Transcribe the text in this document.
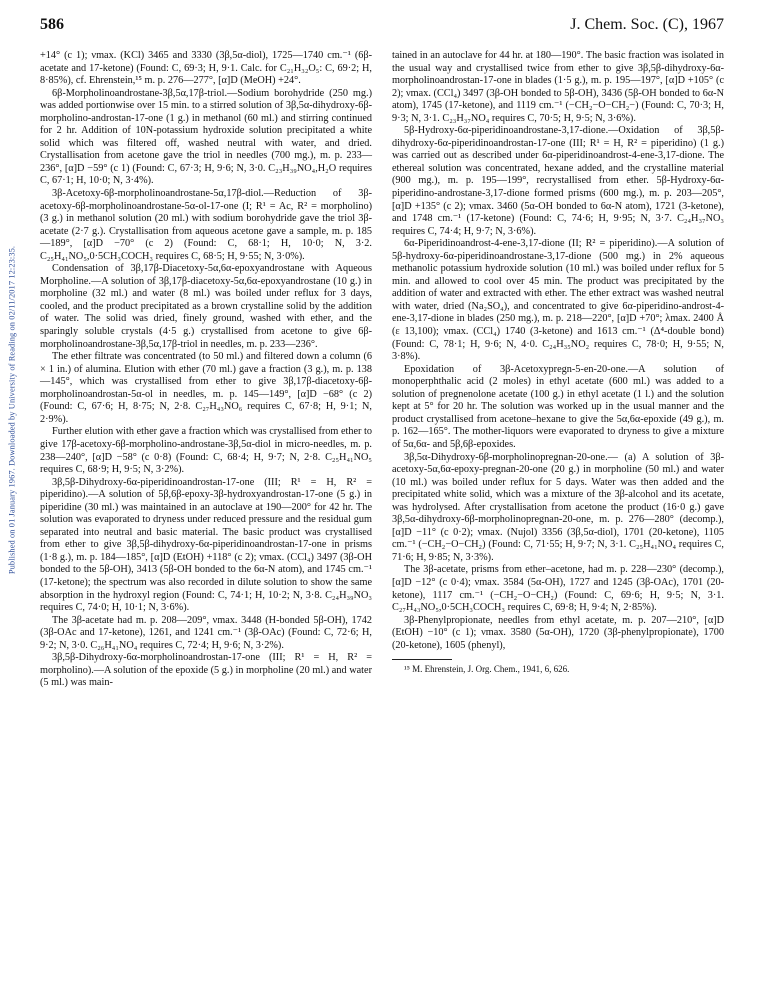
Published on 01 January 1967. Downloaded by University of Reading on 02/11/2017 12:23:35.
586	J. Chem. Soc. (C), 1967

+14° (c 1); νmax. (KCl) 3465 and 3330 (3β,5α-diol), 1725—1740 cm.⁻¹ (6β-acetate and 17-ketone) (Found: C, 69·3; H, 9·1. Calc. for C₂₁H₃₂O₅: C, 69·2; H, 8·85%), cf. Ehrenstein,¹⁵ m. p. 276—277°, [α]D (MeOH) +24°.

6β-Morpholinoandrostane-3β,5α,17β-triol.—Sodium borohydride (250 mg.) was added portionwise over 15 min. to a stirred solution of 3β,5α-dihydroxy-6β-morpholino-androstan-17-one (1 g.) in methanol (60 ml.) and stirring continued for 2 hr. Addition of 10N-potassium hydroxide solution precipitated a white solid which was filtered off, washed neutral with water, and dried. Crystallisation from acetone gave the triol in needles (700 mg.), m. p. 233—236°, [α]D −59° (c 1) (Found: C, 67·3; H, 9·6; N, 3·0. C₂₃H₃₉NO₄,H₂O requires C, 67·1; H, 10·0; N, 3·4%).

3β-Acetoxy-6β-morpholinoandrostane-5α,17β-diol.—Reduction of 3β-acetoxy-6β-morpholinoandrostane-5α-ol-17-one (I; R¹ = Ac, R² = morpholino) (3 g.) in methanol solution (20 ml.) with sodium borohydride gave the triol 3β-acetate (2·7 g.). Crystallisation from aqueous acetone gave a sample, m. p. 185—189°, [α]D −70° (c 2) (Found: C, 68·1; H, 10·0; N, 3·2. C₂₅H₄₁NO₅,0·5CH₃COCH₃ requires C, 68·5; H, 9·55; N, 3·0%).

Condensation of 3β,17β-Diacetoxy-5α,6α-epoxyandrostane with Aqueous Morpholine.—A solution of 3β,17β-diacetoxy-5α,6α-epoxyandrostane (10 g.) in morpholine (32 ml.) and water (8 ml.) was boiled under reflux for 3 days, cooled, and the product precipitated as a brown crystalline solid by the addition of water. The solid was dried, finely ground, washed with ether, and the sparingly soluble crystals (4·5 g.) crystallised from acetone to give 6β-morpholinoandrostane-3β,5α,17β-triol in needles, m. p. 233—236°.

The ether filtrate was concentrated (to 50 ml.) and filtered down a column (6 × 1 in.) of alumina. Elution with ether (70 ml.) gave a fraction (3 g.), m. p. 138—145°, which was crystallised from ether to give 3β,17β-diacetoxy-6β-morpholinoandrostan-5α-ol in needles, m. p. 145—149°, [α]D −68° (c 2) (Found: C, 67·6; H, 8·75; N, 2·8. C₂₇H₄₃NO₆ requires C, 67·8; H, 9·1; N, 2·9%).

Further elution with ether gave a fraction which was crystallised from ether to give 17β-acetoxy-6β-morpholino-androstane-3β,5α-diol in micro-needles, m. p. 238—240°, [α]D −58° (c 0·8) (Found: C, 68·4; H, 9·7; N, 2·8. C₂₅H₄₁NO₅ requires C, 68·9; H, 9·5; N, 3·2%).

3β,5β-Dihydroxy-6α-piperidinoandrostan-17-one (III; R¹ = H, R² = piperidino).—A solution of 5β,6β-epoxy-3β-hydroxyandrostan-17-one (5 g.) in piperidine (30 ml.) was maintained in an autoclave at 190—200° for 42 hr. The solution was evaporated to dryness under reduced pressure and the residual gum separated into neutral and basic material. The basic product was crystallised from ether to give 3β,5β-dihydroxy-6α-piperidinoandrostan-17-one in prisms (1·8 g.), m. p. 184—185°, [α]D (EtOH) +118° (c 2); νmax. (CCl₄) 3497 (3β-OH bonded to the 5β-OH), 3413 (5β-OH bonded to the 6α-N atom), and 1745 cm.⁻¹ (17-ketone); the spectrum was also recorded in dilute solution to show the same absorption in the hydroxyl region (Found: C, 74·1; H, 10·2; N, 3·8. C₂₄H₃₉NO₃ requires C, 74·0; H, 10·1; N, 3·6%).

The 3β-acetate had m. p. 208—209°, νmax. 3448 (H-bonded 5β-OH), 1742 (3β-OAc and 17-ketone), 1261, and 1241 cm.⁻¹ (3β-OAc) (Found: C, 72·6; H, 9·2; N, 3·0. C₂₆H₄₁NO₄ requires C, 72·4; H, 9·6; N, 3·2%).

3β,5β-Dihydroxy-6α-morpholinoandrostan-17-one (III; R¹ = H, R² = morpholino).—A solution of the epoxide (5 g.) in morpholine (20 ml.) and water (5 ml.) was main-

tained in an autoclave for 44 hr. at 180—190°. The basic fraction was isolated in the usual way and crystallised twice from ether to give 3β,5β-dihydroxy-6α-morpholinoandrostan-17-one in blades (1·5 g.), m. p. 195—197°, [α]D +105° (c 2); νmax. (CCl₄) 3497 (3β-OH bonded to 5β-OH), 3436 (5β-OH bonded to 6α-N atom), 1745 (17-ketone), and 1119 cm.⁻¹ (−CH₂−O−CH₂−) (Found: C, 70·3; H, 9·3; N, 3·1. C₂₃H₃₇NO₄ requires C, 70·5; H, 9·5; N, 3·6%).

5β-Hydroxy-6α-piperidinoandrostane-3,17-dione.—Oxidation of 3β,5β-dihydroxy-6α-piperidinoandrostan-17-one (III; R¹ = H, R² = piperidino) (1 g.) was carried out as described under 6α-piperidinoandrost-4-ene-3,17-dione. The ethereal solution was concentrated, hexane added, and the crystalline material (900 mg.), m. p. 195—199°, recrystallised from ether. 5β-Hydroxy-6α-piperidino-androstane-3,17-dione formed prisms (600 mg.), m. p. 203—205°, [α]D +135° (c 2); νmax. 3460 (5α-OH bonded to 6α-N atom), 1721 (3-ketone), and 1748 cm.⁻¹ (17-ketone) (Found: C, 74·6; H, 9·95; N, 3·7. C₂₄H₃₇NO₃ requires C, 74·4; H, 9·7; N, 3·6%).

6α-Piperidinoandrost-4-ene-3,17-dione (II; R² = piperidino).—A solution of 5β-hydroxy-6α-piperidinoandrostane-3,17-dione (500 mg.) in 2% aqueous methanolic potassium hydroxide solution (10 ml.) was boiled under reflux for 5 min. and allowed to cool over 45 min. The product was precipitated by the addition of water and extracted with ether. The ether extract was washed neutral with water, dried (Na₂SO₄), and concentrated to give 6α-piperidino-androst-4-ene-3,17-dione in blades (250 mg.), m. p. 218—220°, [α]D +70°; λmax. 2400 Å (ε 13,100); νmax. (CCl₄) 1740 (3-ketone) and 1613 cm.⁻¹ (Δ⁴-double bond) (Found: C, 78·1; H, 9·6; N, 4·0. C₂₄H₃₅NO₂ requires C, 78·0; H, 9·55; N, 3·8%).

Epoxidation of 3β-Acetoxypregn-5-en-20-one.—A solution of monoperphthalic acid (2 moles) in ethyl acetate (600 ml.) was added to a solution of pregnenolone acetate (100 g.) in ethyl acetate (1 l.) and the solution kept at 5° for 20 hr. The solution was worked up in the usual manner and the product crystallised from acetone–hexane to give the 5α,6α-epoxide (49 g.), m. p. 162—165°. The mother-liquors were evaporated to dryness to give a mixture of 5α,6α- and 5β,6β-epoxides.

3β,5α-Dihydroxy-6β-morpholinopregnan-20-one.— (a) A solution of 3β-acetoxy-5α,6α-epoxy-pregnan-20-one (20 g.) in morpholine (50 ml.) and water (10 ml.) was boiled under reflux for 5 days. Water was then added and the precipitated white solid, which was a mixture of the 3β-alcohol and its acetate, was hydrolysed. After crystallisation from acetone the product (16·0 g.) gave 3β,5α-dihydroxy-6β-morpholinopregnan-20-one, m. p. 276—280° (decomp.), [α]D −11° (c 0·2); νmax. (Nujol) 3356 (3β,5α-diol), 1701 (20-ketone), 1105 cm.⁻¹ (−CH₂−O−CH₂) (Found: C, 71·55; H, 9·7; N, 3·1. C₂₅H₄₁NO₄ requires C, 71·6; H, 9·85; N, 3·3%).

The 3β-acetate, prisms from ether–acetone, had m. p. 228—230° (decomp.), [α]D −12° (c 0·4); νmax. 3584 (5α-OH), 1727 and 1245 (3β-OAc), 1701 (20-ketone), 1117 cm.⁻¹ (−CH₂−O−CH₂) (Found: C, 69·6; H, 9·5; N, 3·1. C₂₇H₄₃NO₅,0·5CH₃COCH₃ requires C, 69·8; H, 9·4; N, 2·85%).

3β-Phenylpropionate, needles from ethyl acetate, m. p. 207—210°, [α]D (EtOH) −10° (c 1); νmax. 3580 (5α-OH), 1720 (3β-phenylpropionate), 1700 (20-ketone), 1605 (phenyl),

¹⁵ M. Ehrenstein, J. Org. Chem., 1941, 6, 626.
